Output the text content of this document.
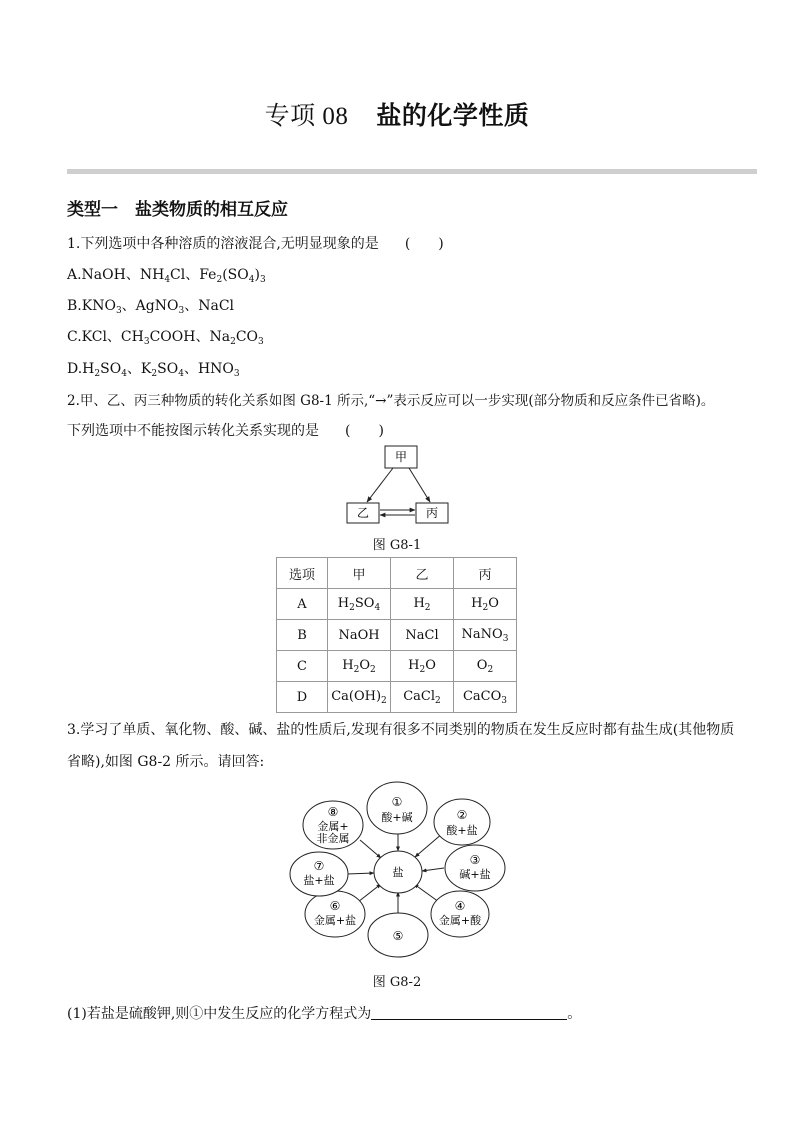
专项 08 盐的化学性质
类型一　盐类物质的相互反应
1.下列选项中各种溶质的溶液混合,无明显现象的是 (　　)
A.NaOH、$NH_4Cl$、$Fe_2(SO_4)_3$
$B.KNO_3$、AgNO$_3$、NaCl
C.KCl、$CH_3COOH$、$Na_2CO_3$
$D.H_2SO_4$、$K_2SO_4$、$HNO_3$
2.甲、乙、丙三种物质的转化关系如图 G8-1 所示,“→”表示反应可以一步实现(部分物质和反应条件已省略)。
下列选项中不能按图示转化关系实现的是 (　　)
甲
乙	丙
图 G8-1
选项	甲	乙	丙
A	$H_2SO_4$	$H_2$	$H_2O$
B	NaOH	NaCl	NaNO$_3$
C	$H_2O_2$	$H_2O$	$O_2$
D	$Ca(OH)_2$	CaCl$_2$	CaCO$_3$
3.学习了单质、氧化物、酸、碱、盐的性质后,发现有很多不同类别的物质在发生反应时都有盐生成(其他物质省略),如图 G8-2 所示。请回答:
盐
①
酸+碱	②
酸+盐
③
碱+盐
④
金属+酸
⑤
⑥
金属+盐
⑦
盐+盐
⑧
金属+
非金属
图 G8-2
(1)若盐是硫酸钾,则①中发生反应的化学方程式为	。
